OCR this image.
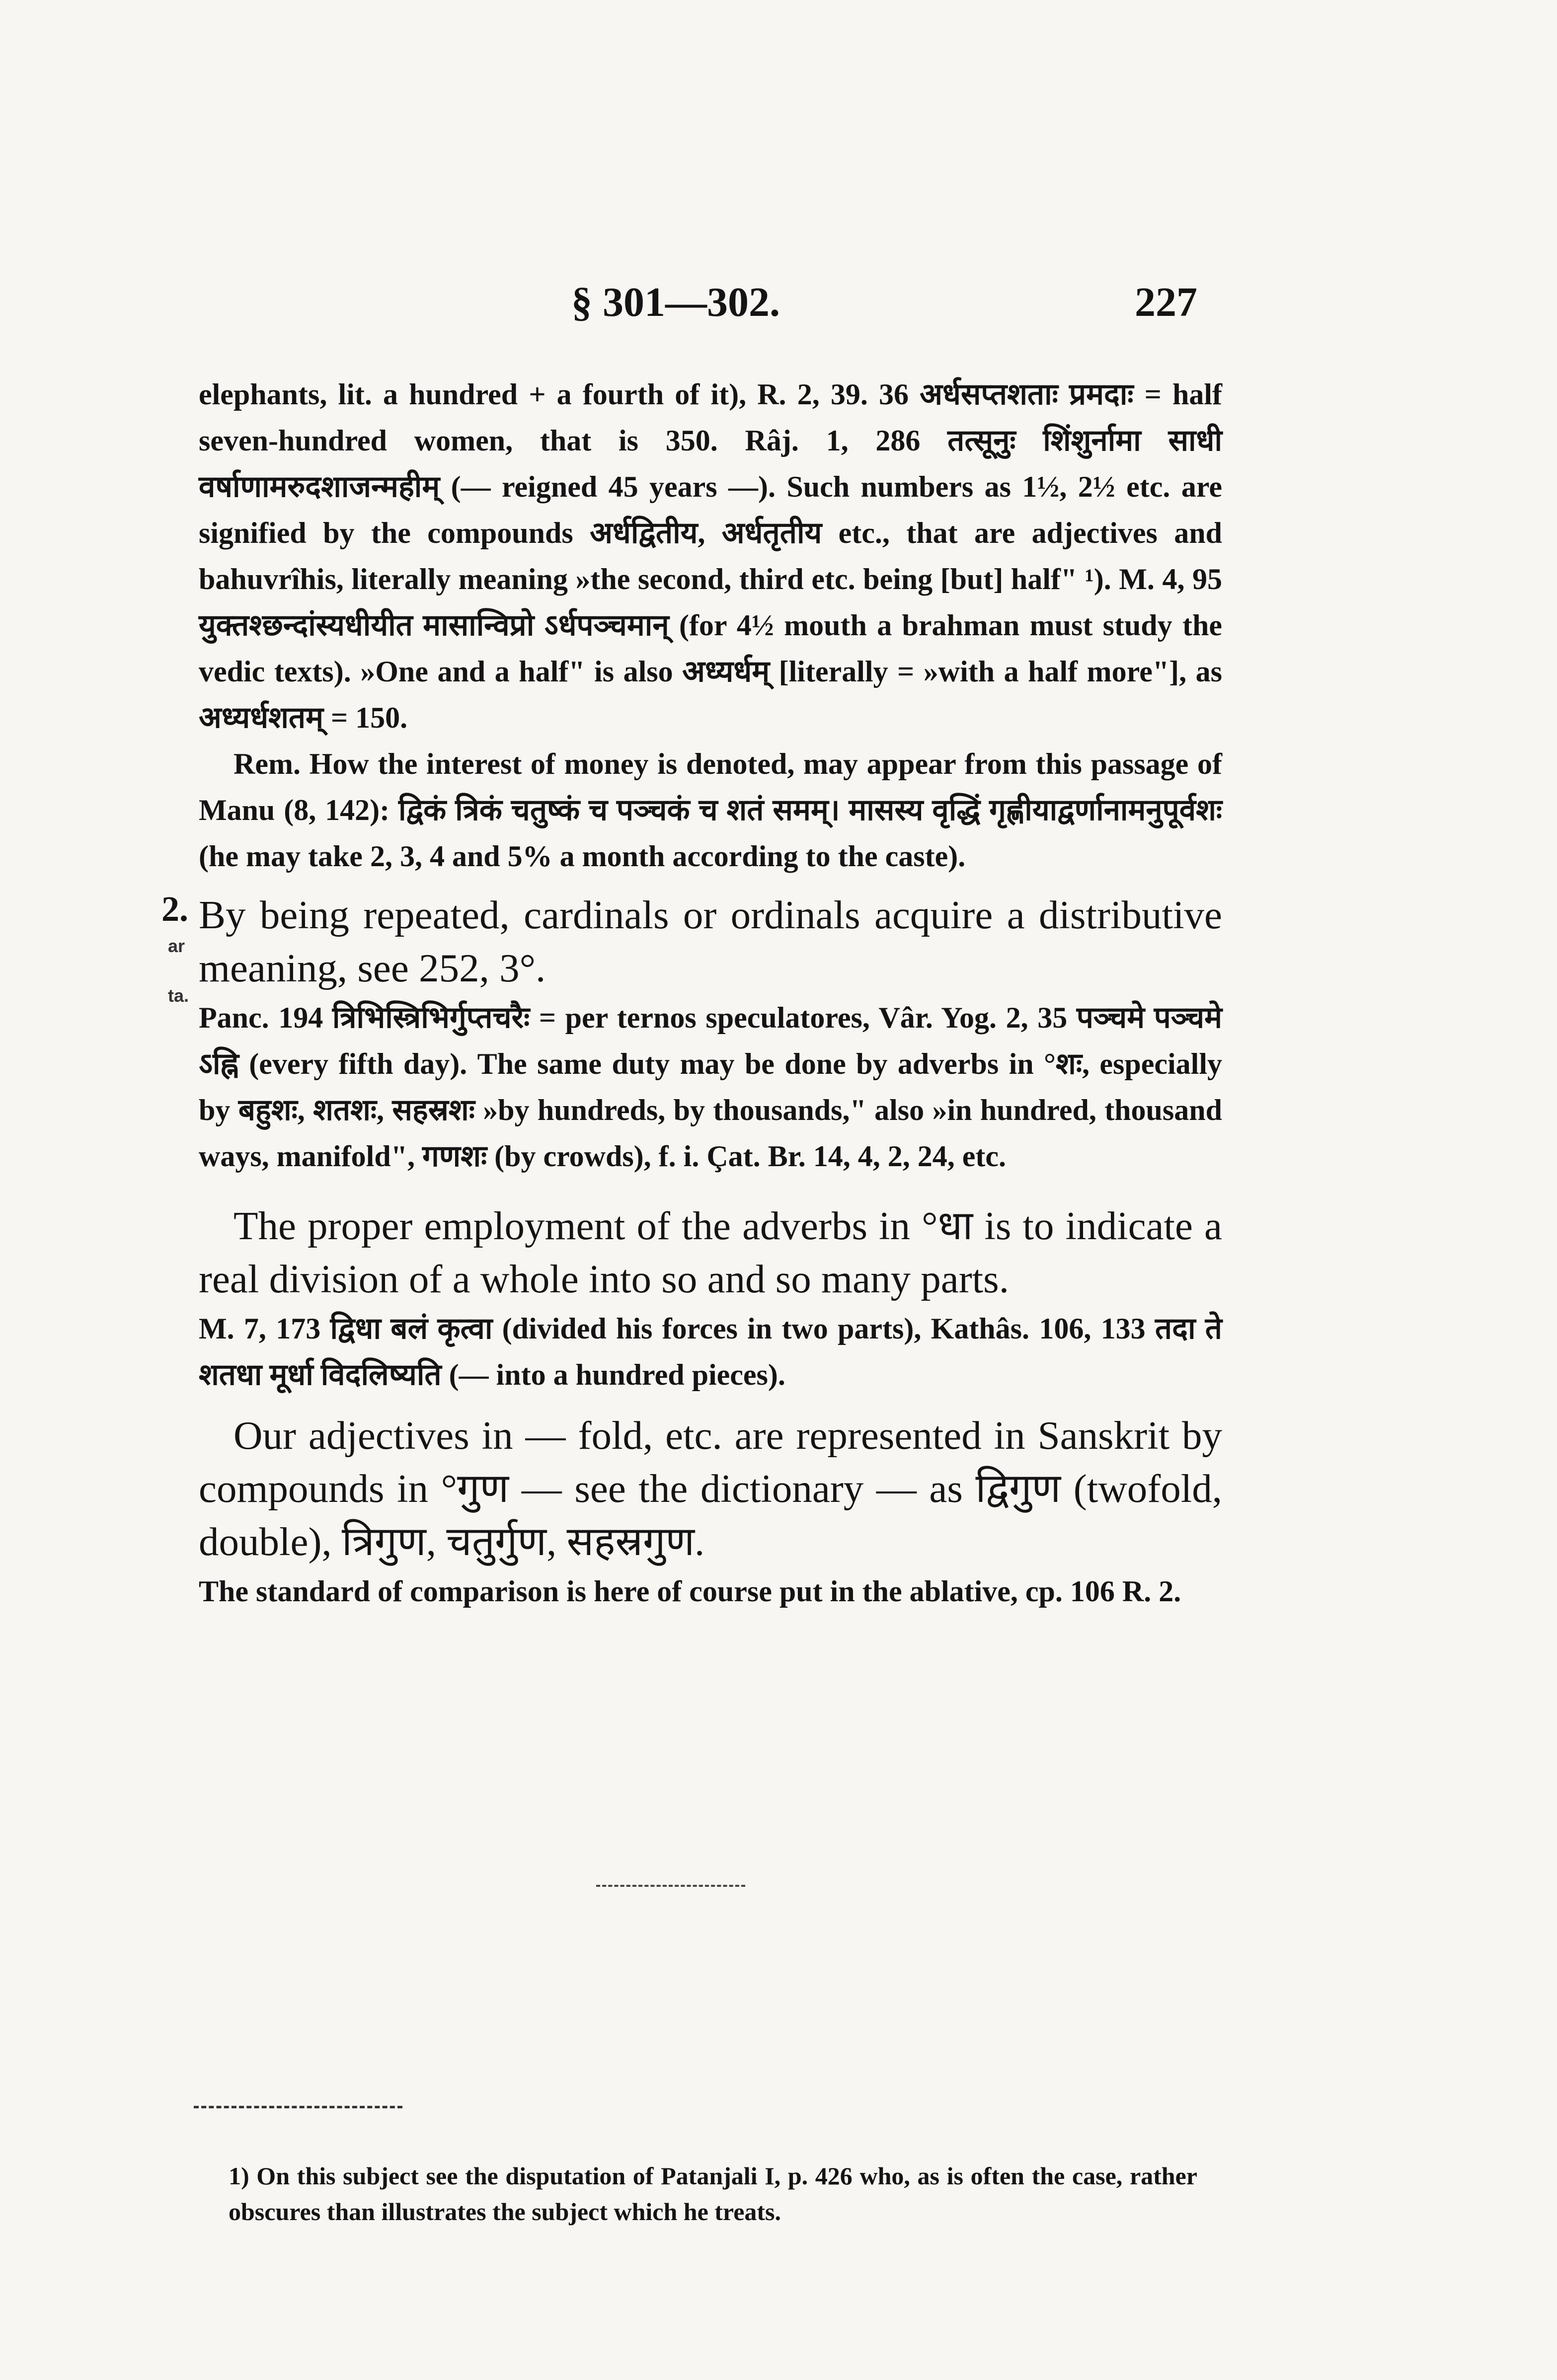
§ 301—302.	227

elephants, lit. a hundred + a fourth of it), R. 2, 39. 36 अर्धसप्तशताः प्रमदाः = half seven-hundred women, that is 350. Râj. 1, 286 तत्सूनुः शिंशुर्नामा साधी वर्षाणामरुदशाजन्महीम् (— reigned 45 years —). Such numbers as 1½, 2½ etc. are signified by the compounds अर्धद्वितीय, अर्धतृतीय etc., that are adjectives and bahuvrîhis, literally meaning »the second, third etc. being [but] half" ¹). M. 4, 95 युक्तश्छन्दांस्यधीयीत मासान्विप्रो ऽर्धपञ्चमान् (for 4½ mouth a brahman must study the vedic texts). »One and a half" is also अध्यर्धम् [literally = »with a half more"], as अध्यर्धशतम् = 150.

Rem. How the interest of money is denoted, may appear from this passage of Manu (8, 142): द्विकं त्रिकं चतुष्कं च पञ्चकं च शतं समम्। मासस्य वृद्धिं गृह्णीयाद्वर्णानामनुपूर्वशः (he may take 2, 3, 4 and 5% a month according to the caste).

2.
ar
ta.

By being repeated, cardinals or ordinals acquire a distributive meaning, see 252, 3°.

Panc. 194 त्रिभिस्त्रिभिर्गुप्तचरैः = per ternos speculatores, Vâr. Yog. 2, 35 पञ्चमे पञ्चमे ऽह्नि (every fifth day). The same duty may be done by adverbs in °शः, especially by बहुशः, शतशः, सहस्रशः »by hundreds, by thousands," also »in hundred, thousand ways, manifold", गणशः (by crowds), f. i. Çat. Br. 14, 4, 2, 24, etc.

The proper employment of the adverbs in °धा is to indicate a real division of a whole into so and so many parts.

M. 7, 173 द्विधा बलं कृत्वा (divided his forces in two parts), Kathâs. 106, 133 तदा ते शतधा मूर्धा विदलिष्यति (— into a hundred pieces).

Our adjectives in — fold, etc. are represented in Sanskrit by compounds in °गुण — see the dictionary — as द्विगुण (twofold, double), त्रिगुण, चतुर्गुण, सहस्रगुण.

The standard of comparison is here of course put in the ablative, cp. 106 R. 2.

1) On this subject see the disputation of Patanjali I, p. 426 who, as is often the case, rather obscures than illustrates the subject which he treats.
